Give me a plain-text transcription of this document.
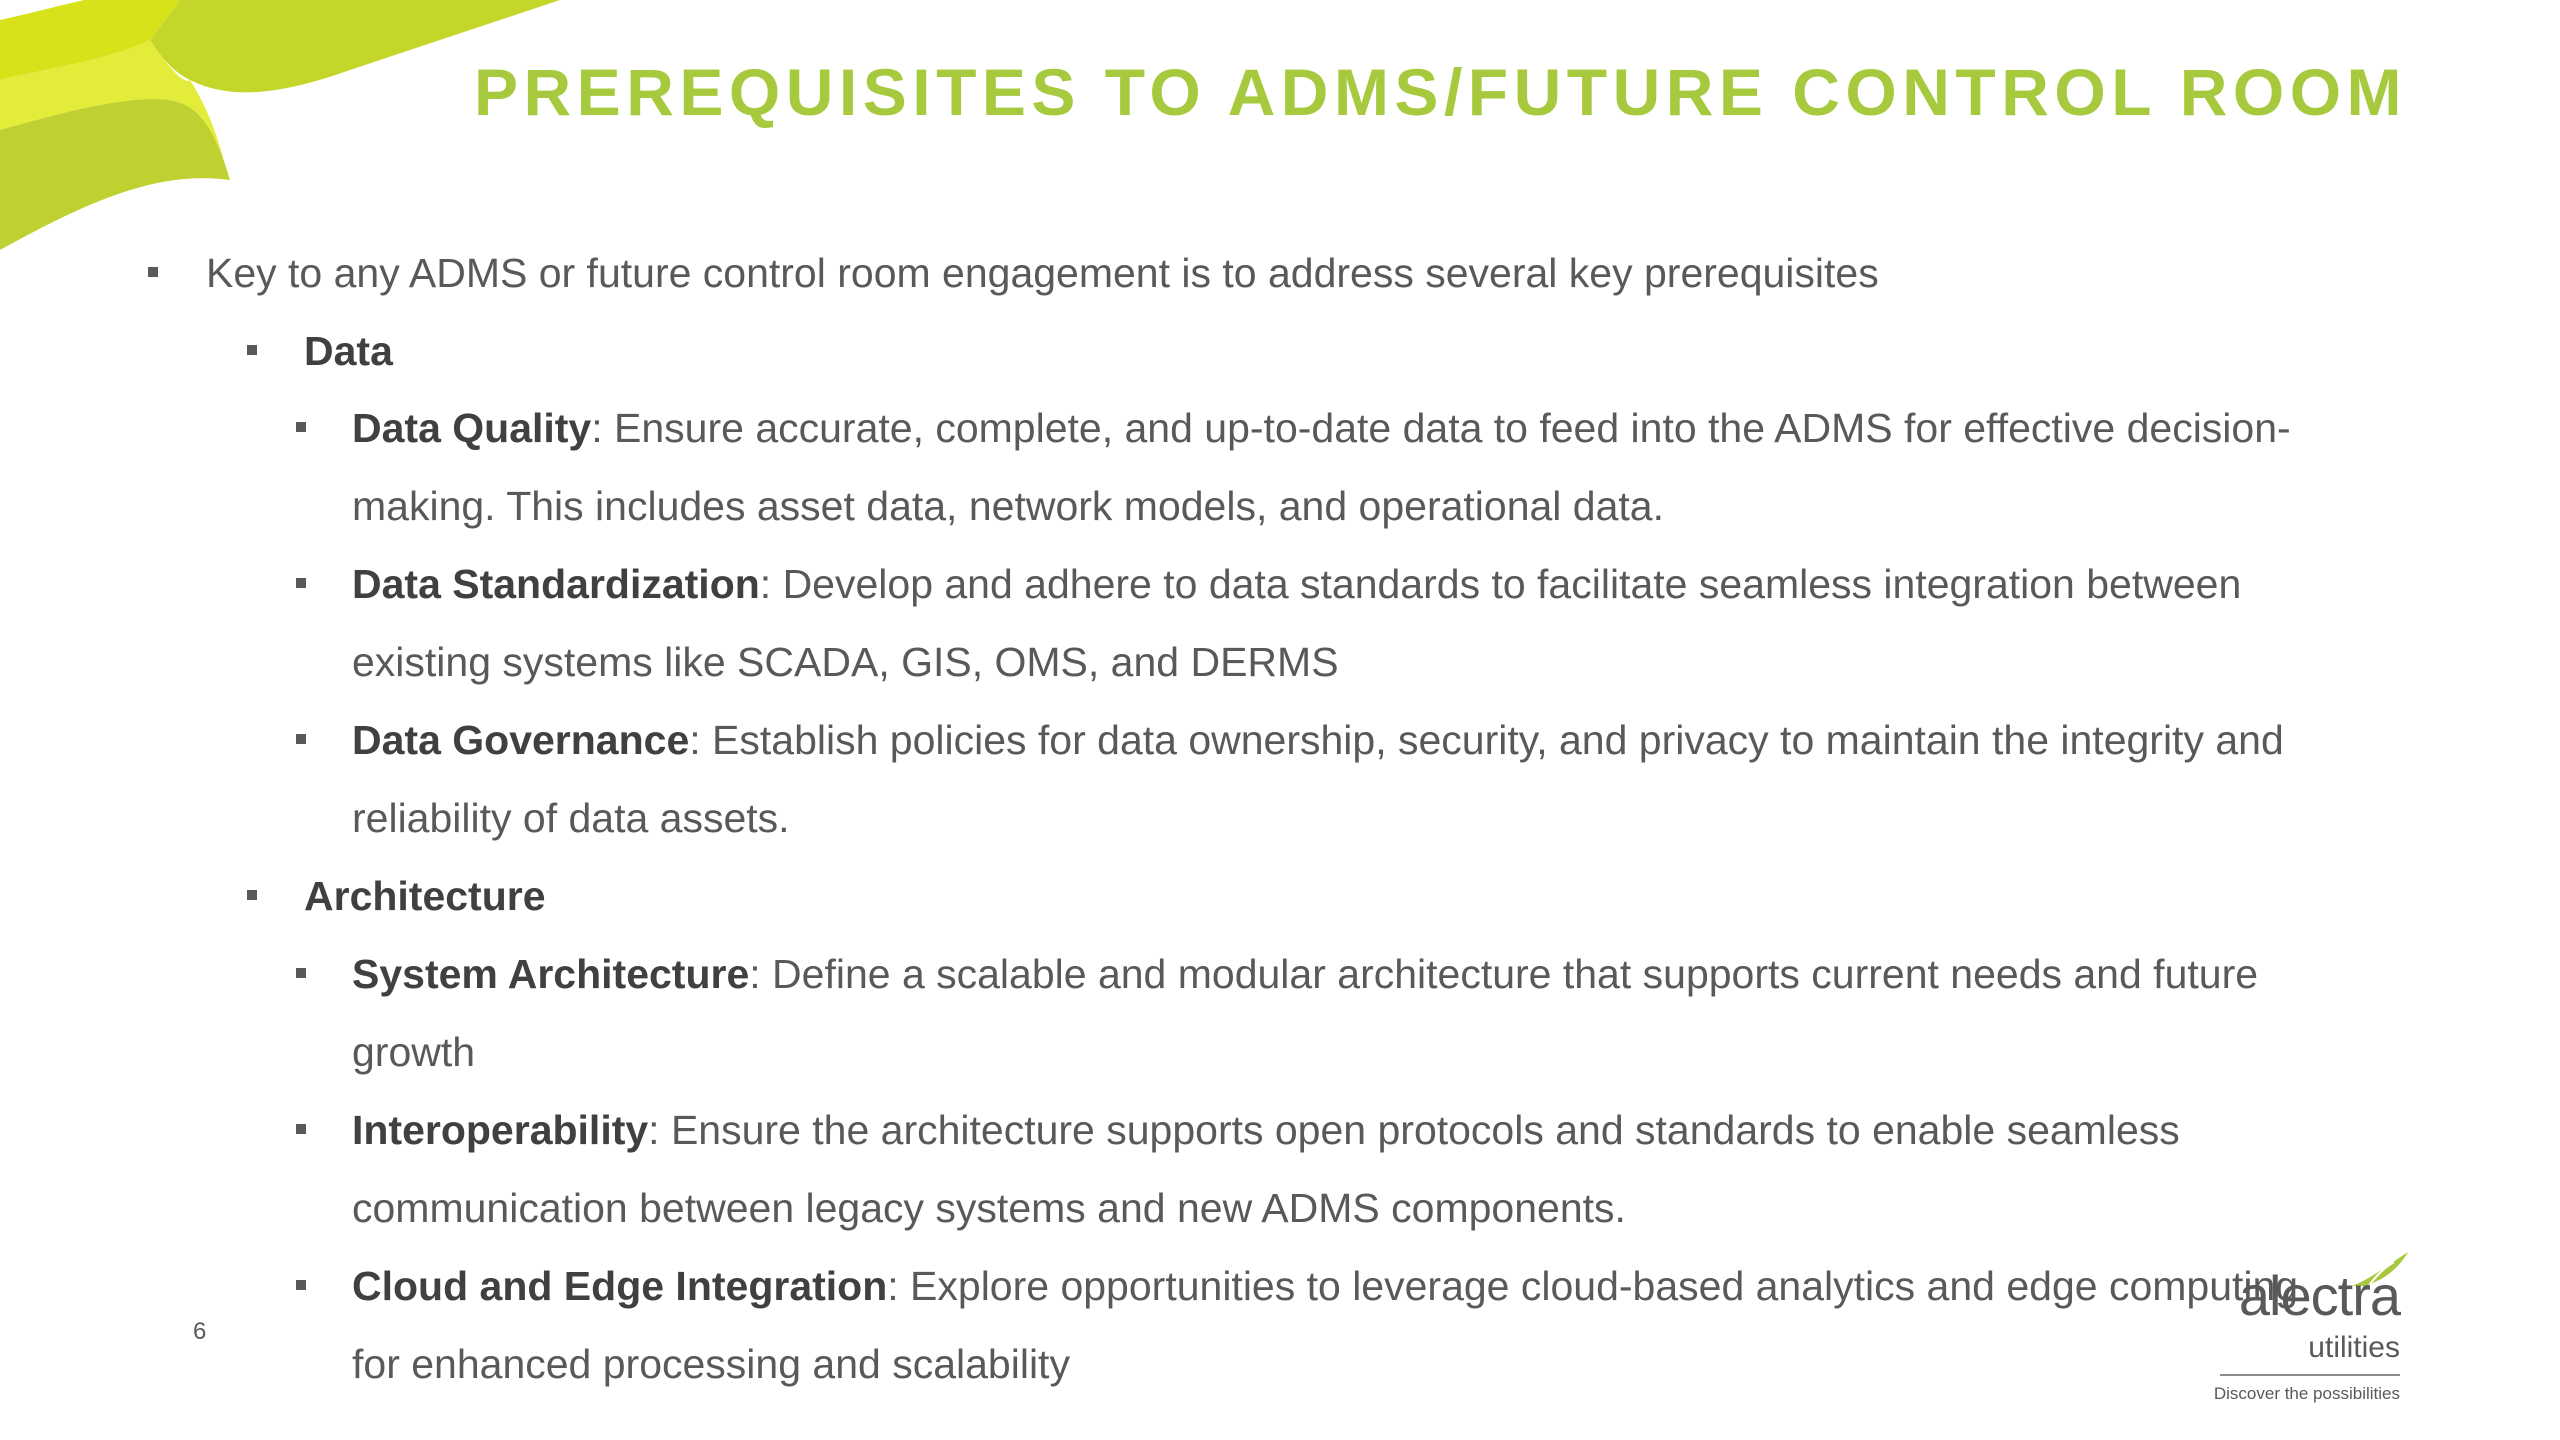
PREREQUISITES TO ADMS/FUTURE CONTROL ROOM
Key to any ADMS or future control room engagement is to address several key prerequisites
Data
Data Quality: Ensure accurate, complete, and up-to-date data to feed into the ADMS for effective decision-
making. This includes asset data, network models, and operational data.
Data Standardization: Develop and adhere to data standards to facilitate seamless integration between
existing systems like SCADA, GIS, OMS, and DERMS
Data Governance: Establish policies for data ownership, security, and privacy to maintain the integrity and
reliability of data assets.
Architecture
System Architecture: Define a scalable and modular architecture that supports current needs and future
growth
Interoperability: Ensure the architecture supports open protocols and standards to enable seamless
communication between legacy systems and new ADMS components.
Cloud and Edge Integration: Explore opportunities to leverage cloud-based analytics and edge computing
for enhanced processing and scalability
6
alectra
utilities
Discover the possibilities
